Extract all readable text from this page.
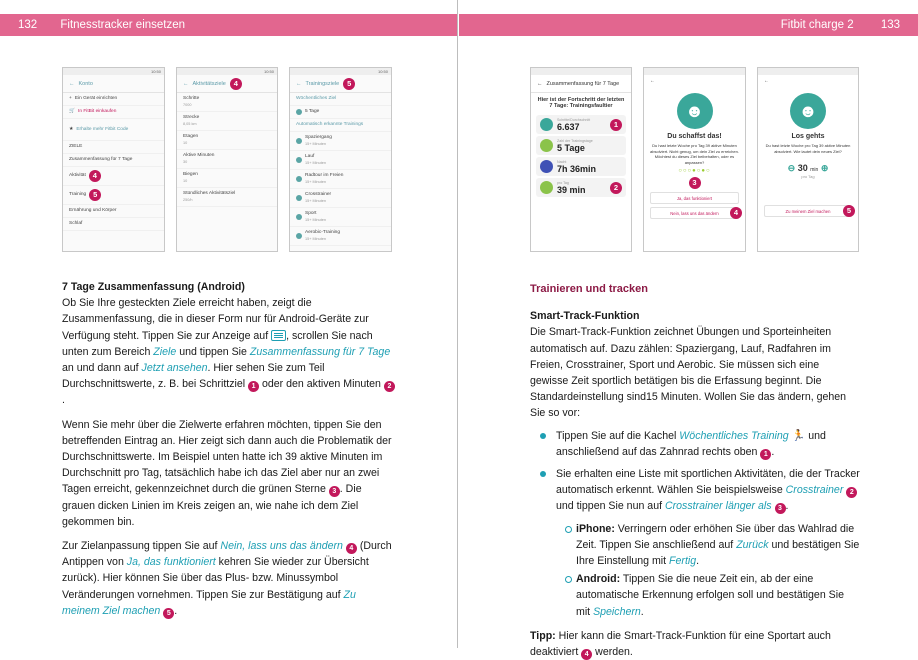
132 Fitnesstracker einsetzen
10:50
← Konto
+ Ein Gerät einrichten
🛒 In FitBit einkaufen
★ Erhalte mehr Fitbit Code
ZIELE
Zusammenfassung für 7 Tage
Aktivität 4
Training 5
Ernährung und Körper
Schlaf
10:50
← Aktivitätsziele	4
Schritte
7000
Strecke
8,05 km
Etagen
10
Aktive Minuten
30
Biegen
10
Stündliches Aktivitätsziel
250/h
10:50
← Trainingsziele	5
Wöchentliches Ziel
5 Tage
Automatisch erkannte Trainings
Spaziergang
15+ Minuten
Lauf
15+ Minuten
Radtour im Freien
15+ Minuten
Crosstrainer
15+ Minuten
Sport
15+ Minuten
Aerobic-Training
15+ Minuten

7 Tage Zusammenfassung (Android)

Ob Sie Ihre gesteckten Ziele erreicht haben, zeigt die Zusammenfassung, die in dieser Form nur für Android-Geräte zur Verfügung steht. Tippen Sie zur Anzeige auf , scrollen Sie nach unten zum Bereich Ziele und tippen Sie Zusammenfassung für 7 Tage an und dann auf Jetzt ansehen. Hier sehen Sie zum Teil Durchschnittswerte, z. B. bei Schrittziel 1 oder den aktiven Minuten 2.

Wenn Sie mehr über die Zielwerte erfahren möchten, tippen Sie den betreffenden Eintrag an. Hier zeigt sich dann auch die Problematik der Durchschnittswerte. Im Beispiel unten hatte ich 39 aktive Minuten im Durchschnitt pro Tag, tatsächlich habe ich das Ziel aber nur an zwei Tagen erreicht, gekennzeichnet durch die grünen Sterne 3 . Die grauen dicken Linien im Kreis zeigen an, wie nahe ich dem Ziel gekommen bin.

Zur Zielanpassung tippen Sie auf Nein, lass uns das ändern 4 (Durch Antippen von Ja, das funktioniert kehren Sie wieder zur Übersicht zurück). Hier können Sie über das Plus- bzw. Minussymbol Veränderungen vornehmen. Tippen Sie zur Bestätigung auf Zu meinem Ziel machen 5 .

Fitbit charge 2 133
← Zusammenfassung für 7 Tage
Hier ist der Fortschritt der letzten 7 Tage: Trainingsfaultier
Schritte/Durchschnitt
6.637	1
Zahl der Trainingstage
5 Tage
Nacht
7h 36min
pro Tag
39 min	2
←
☻
Du schaffst das!
Du hast letzte Woche pro Tag 39 aktive Minuten absolviert. Nicht genug, um dein Ziel zu erreichen. Möchtest du dieses Ziel beibehalten, oder es anpassen?
○○○●○●○
3
Ja, das funktioniert
Nein, lass uns das ändern	4
←
☻
Los gehts
Du hast letzte Woche pro Tag 39 aktive Minuten absolviert. Wie lautet dein neues Ziel?
⊖ 30 min ⊕
pro Tag
Zu meinem Ziel machen	5

Trainieren und tracken

Smart-Track-Funktion

Die Smart-Track-Funktion zeichnet Übungen und Sporteinheiten automatisch auf. Dazu zählen: Spaziergang, Lauf, Radfahren im Freien, Crosstrainer, Sport und Aerobic. Sie müssen sich eine gewisse Zeit sportlich betätigen bis die Erfassung beginnt. Die Standardeinstellung sind15 Minuten. Wollen Sie das ändern, gehen Sie so vor:

Tippen Sie auf die Kachel Wöchentliches Training 🏃 und anschließend auf das Zahnrad rechts oben 1 .

Sie erhalten eine Liste mit sportlichen Aktivitäten, die der Tracker automatisch erkennt. Wählen Sie beispielsweise Crosstrainer 2 und tippen Sie nun auf Crosstrainer länger als 3 .

iPhone: Verringern oder erhöhen Sie über das Wahlrad die Zeit. Tippen Sie anschließend auf Zurück und bestätigen Sie Ihre Einstellung mit Fertig.

Android: Tippen Sie die neue Zeit ein, ab der eine automatische Erkennung erfolgen soll und bestätigen Sie mit Speichern.

Tipp: Hier kann die Smart-Track-Funktion für eine Sportart auch deaktiviert 4 werden.
